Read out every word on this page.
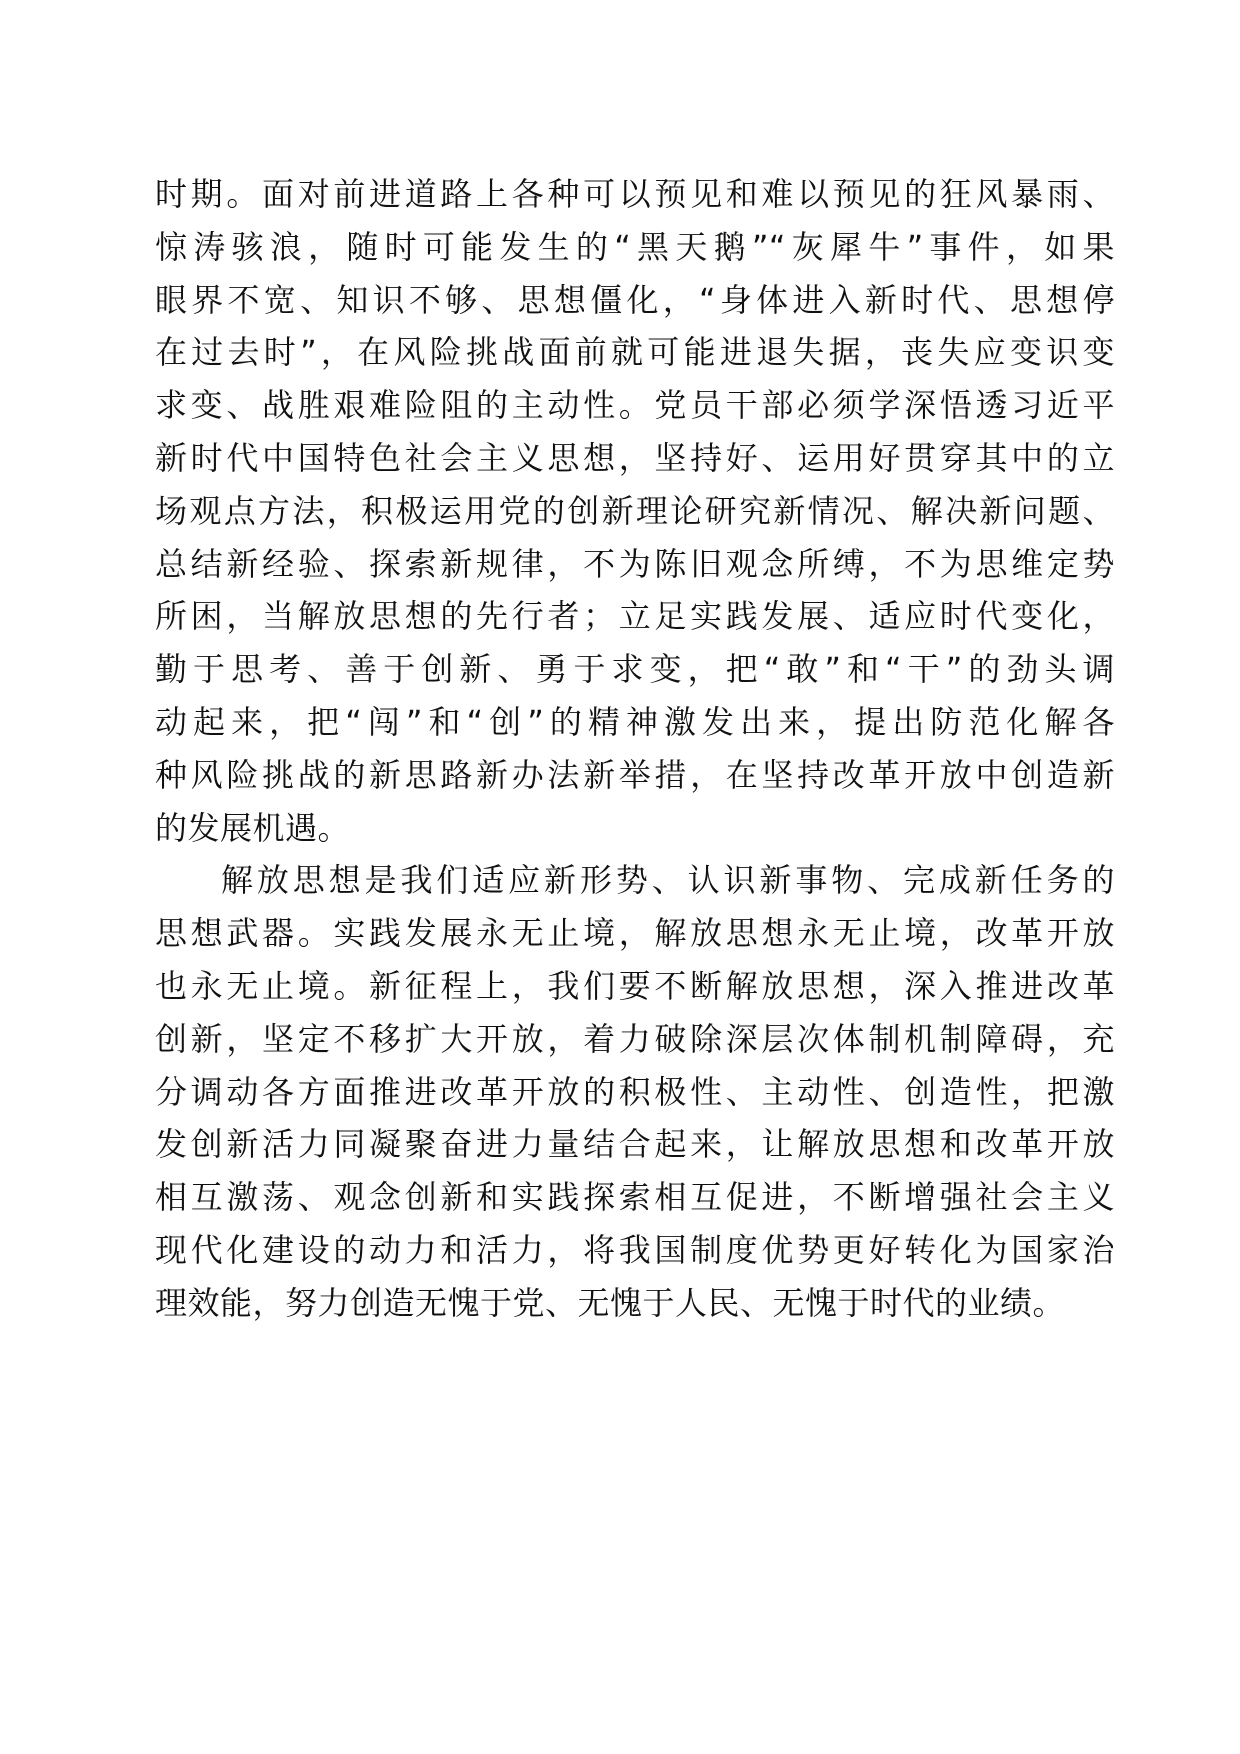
时期。面对前进道路上各种可以预见和难以预见的狂风暴雨、
惊涛骇浪，随时可能发生的“黑天鹅”“灰犀牛”事件，如果
眼界不宽、知识不够、思想僵化，“身体进入新时代、思想停
在过去时”，在风险挑战面前就可能进退失据，丧失应变识变
求变、战胜艰难险阻的主动性。党员干部必须学深悟透习近平
新时代中国特色社会主义思想，坚持好、运用好贯穿其中的立
场观点方法，积极运用党的创新理论研究新情况、解决新问题、
总结新经验、探索新规律，不为陈旧观念所缚，不为思维定势
所困，当解放思想的先行者；立足实践发展、适应时代变化，
勤于思考、善于创新、勇于求变，把“敢”和“干”的劲头调
动起来，把“闯”和“创”的精神激发出来，提出防范化解各
种风险挑战的新思路新办法新举措，在坚持改革开放中创造新
的发展机遇。
解放思想是我们适应新形势、认识新事物、完成新任务的
思想武器。实践发展永无止境，解放思想永无止境，改革开放
也永无止境。新征程上，我们要不断解放思想，深入推进改革
创新，坚定不移扩大开放，着力破除深层次体制机制障碍，充
分调动各方面推进改革开放的积极性、主动性、创造性，把激
发创新活力同凝聚奋进力量结合起来，让解放思想和改革开放
相互激荡、观念创新和实践探索相互促进，不断增强社会主义
现代化建设的动力和活力，将我国制度优势更好转化为国家治
理效能，努力创造无愧于党、无愧于人民、无愧于时代的业绩。
